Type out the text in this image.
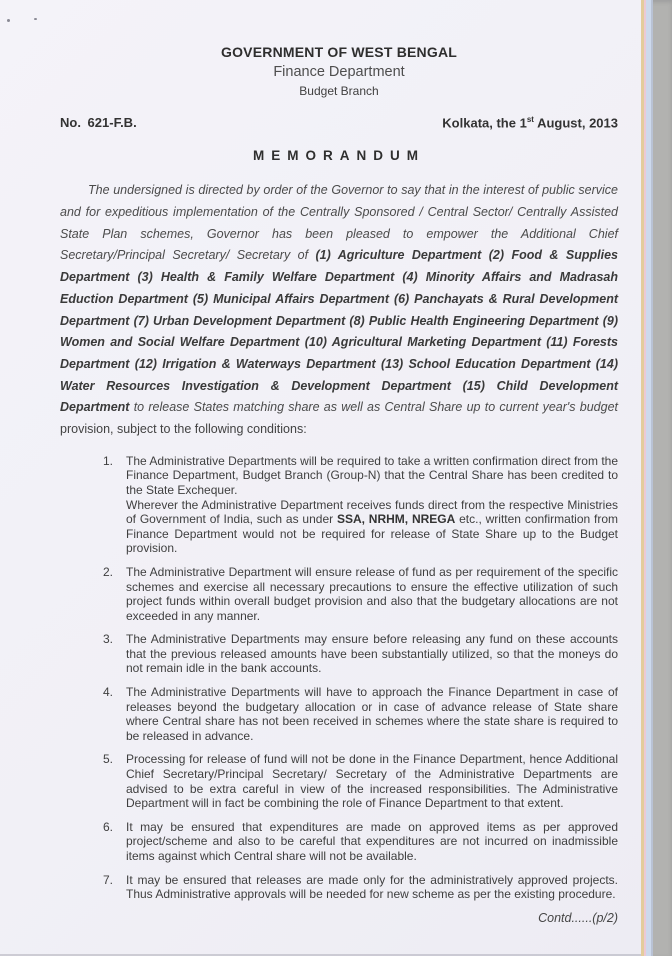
GOVERNMENT OF WEST BENGAL
Finance Department
Budget Branch
No. 621-F.B.	Kolkata, the 1st August, 2013
MEMORANDUM

The undersigned is directed by order of the Governor to say that in the interest of public service and for expeditious implementation of the Centrally Sponsored / Central Sector/ Centrally Assisted State Plan schemes, Governor has been pleased to empower the Additional Chief Secretary/Principal Secretary/ Secretary of (1) Agriculture Department (2) Food & Supplies Department (3) Health & Family Welfare Department (4) Minority Affairs and Madrasah Eduction Department (5) Municipal Affairs Department (6) Panchayats & Rural Development Department (7) Urban Development Department (8) Public Health Engineering Department (9) Women and Social Welfare Department (10) Agricultural Marketing Department (11) Forests Department (12) Irrigation & Waterways Department (13) School Education Department (14) Water Resources Investigation & Development Department (15) Child Development Department to release States matching share as well as Central Share up to current year's budget provision, subject to the following conditions:

1. The Administrative Departments will be required to take a written confirmation direct from the Finance Department, Budget Branch (Group-N) that the Central Share has been credited to the State Exchequer.
Wherever the Administrative Department receives funds direct from the respective Ministries of Government of India, such as under SSA, NRHM, NREGA etc., written confirmation from Finance Department would not be required for release of State Share up to the Budget provision.
2. The Administrative Department will ensure release of fund as per requirement of the specific schemes and exercise all necessary precautions to ensure the effective utilization of such project funds within overall budget provision and also that the budgetary allocations are not exceeded in any manner.
3. The Administrative Departments may ensure before releasing any fund on these accounts that the previous released amounts have been substantially utilized, so that the moneys do not remain idle in the bank accounts.
4. The Administrative Departments will have to approach the Finance Department in case of releases beyond the budgetary allocation or in case of advance release of State share where Central share has not been received in schemes where the state share is required to be released in advance.
5. Processing for release of fund will not be done in the Finance Department, hence Additional Chief Secretary/Principal Secretary/ Secretary of the Administrative Departments are advised to be extra careful in view of the increased responsibilities. The Administrative Department will in fact be combining the role of Finance Department to that extent.
6. It may be ensured that expenditures are made on approved items as per approved project/scheme and also to be careful that expenditures are not incurred on inadmissible items against which Central share will not be available.
7. It may be ensured that releases are made only for the administratively approved projects. Thus Administrative approvals will be needed for new scheme as per the existing procedure.
Contd......(p/2)
